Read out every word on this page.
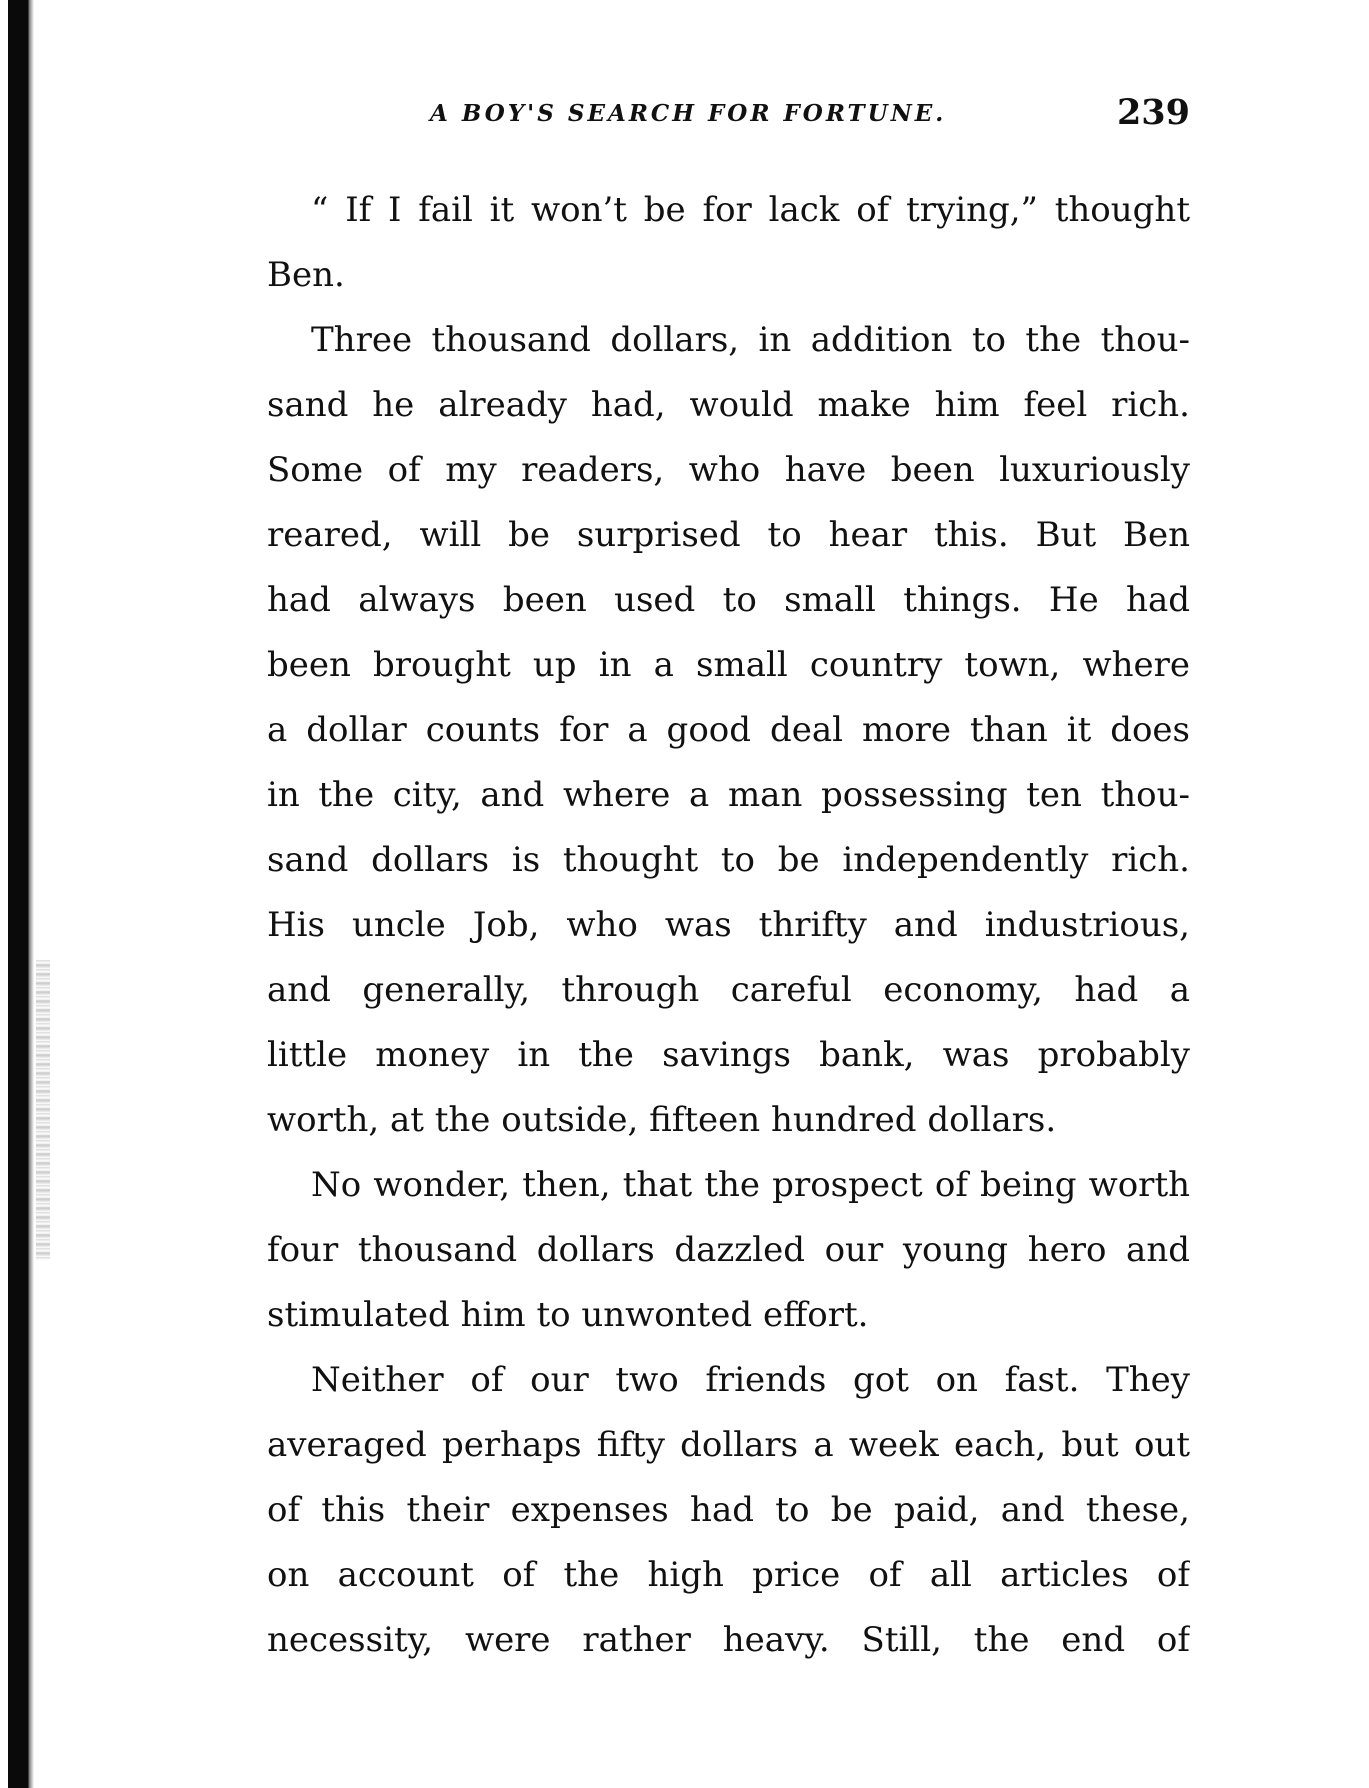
A BOY'S SEARCH FOR FORTUNE.	239
“ If I fail it won’t be for lack of trying,” thought
Ben.
Three thousand dollars, in addition to the thou-
sand he already had, would make him feel rich.
Some of my readers, who have been luxuriously
reared, will be surprised to hear this. But Ben
had always been used to small things. He had
been brought up in a small country town, where
a dollar counts for a good deal more than it does
in the city, and where a man possessing ten thou-
sand dollars is thought to be independently rich.
His uncle Job, who was thrifty and industrious,
and generally, through careful economy, had a
little money in the savings bank, was probably
worth, at the outside, fifteen hundred dollars.
No wonder, then, that the prospect of being worth
four thousand dollars dazzled our young hero and
stimulated him to unwonted effort.
Neither of our two friends got on fast. They
averaged perhaps fifty dollars a week each, but out
of this their expenses had to be paid, and these,
on account of the high price of all articles of
necessity, were rather heavy. Still, the end of
